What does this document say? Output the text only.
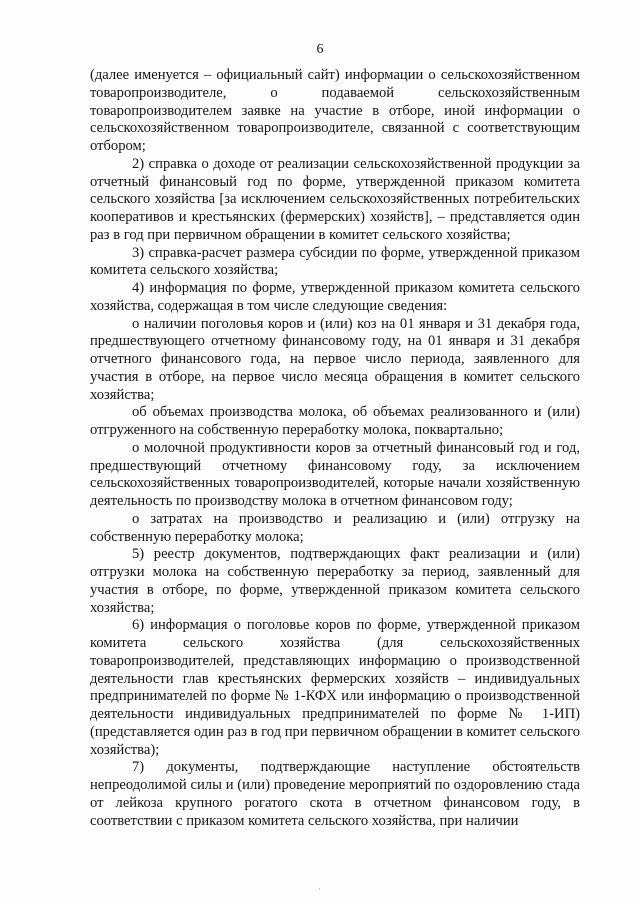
6

(далее именуется – официальный сайт) информации о сельскохозяйственном товаропроизводителе, о подаваемой сельскохозяйственным товаропроизводителем заявке на участие в отборе, иной информации о сельскохозяйственном товаропроизводителе, связанной с соответствующим отбором;

2) справка о доходе от реализации сельскохозяйственной продукции за отчетный финансовый год по форме, утвержденной приказом комитета сельского хозяйства [за исключением сельскохозяйственных потребительских кооперативов и крестьянских (фермерских) хозяйств], – представляется один раз в год при первичном обращении в комитет сельского хозяйства;

3) справка-расчет размера субсидии по форме, утвержденной приказом комитета сельского хозяйства;

4) информация по форме, утвержденной приказом комитета сельского хозяйства, содержащая в том числе следующие сведения:

о наличии поголовья коров и (или) коз на 01 января и 31 декабря года, предшествующего отчетному финансовому году, на 01 января и 31 декабря отчетного финансового года, на первое число периода, заявленного для участия в отборе, на первое число месяца обращения в комитет сельского хозяйства;

об объемах производства молока, об объемах реализованного и (или) отгруженного на собственную переработку молока, поквартально;

о молочной продуктивности коров за отчетный финансовый год и год, предшествующий отчетному финансовому году, за исключением сельскохозяйственных товаропроизводителей, которые начали хозяйственную деятельность по производству молока в отчетном финансовом году;

о затратах на производство и реализацию и (или) отгрузку на собственную переработку молока;

5) реестр документов, подтверждающих факт реализации и (или) отгрузки молока на собственную переработку за период, заявленный для участия в отборе, по форме, утвержденной приказом комитета сельского хозяйства;

6) информация о поголовье коров по форме, утвержденной приказом комитета сельского хозяйства (для сельскохозяйственных товаропроизводителей, представляющих информацию о производственной деятельности глав крестьянских фермерских хозяйств – индивидуальных предпринимателей по форме № 1-КФХ или информацию о производственной деятельности индивидуальных предпринимателей по форме № 1-ИП) (представляется один раз в год при первичном обращении в комитет сельского хозяйства);

7) документы, подтверждающие наступление обстоятельств непреодолимой силы и (или) проведение мероприятий по оздоровлению стада от лейкоза крупного рогатого скота в отчетном финансовом году, в соответствии с приказом комитета сельского хозяйства, при наличии

·
